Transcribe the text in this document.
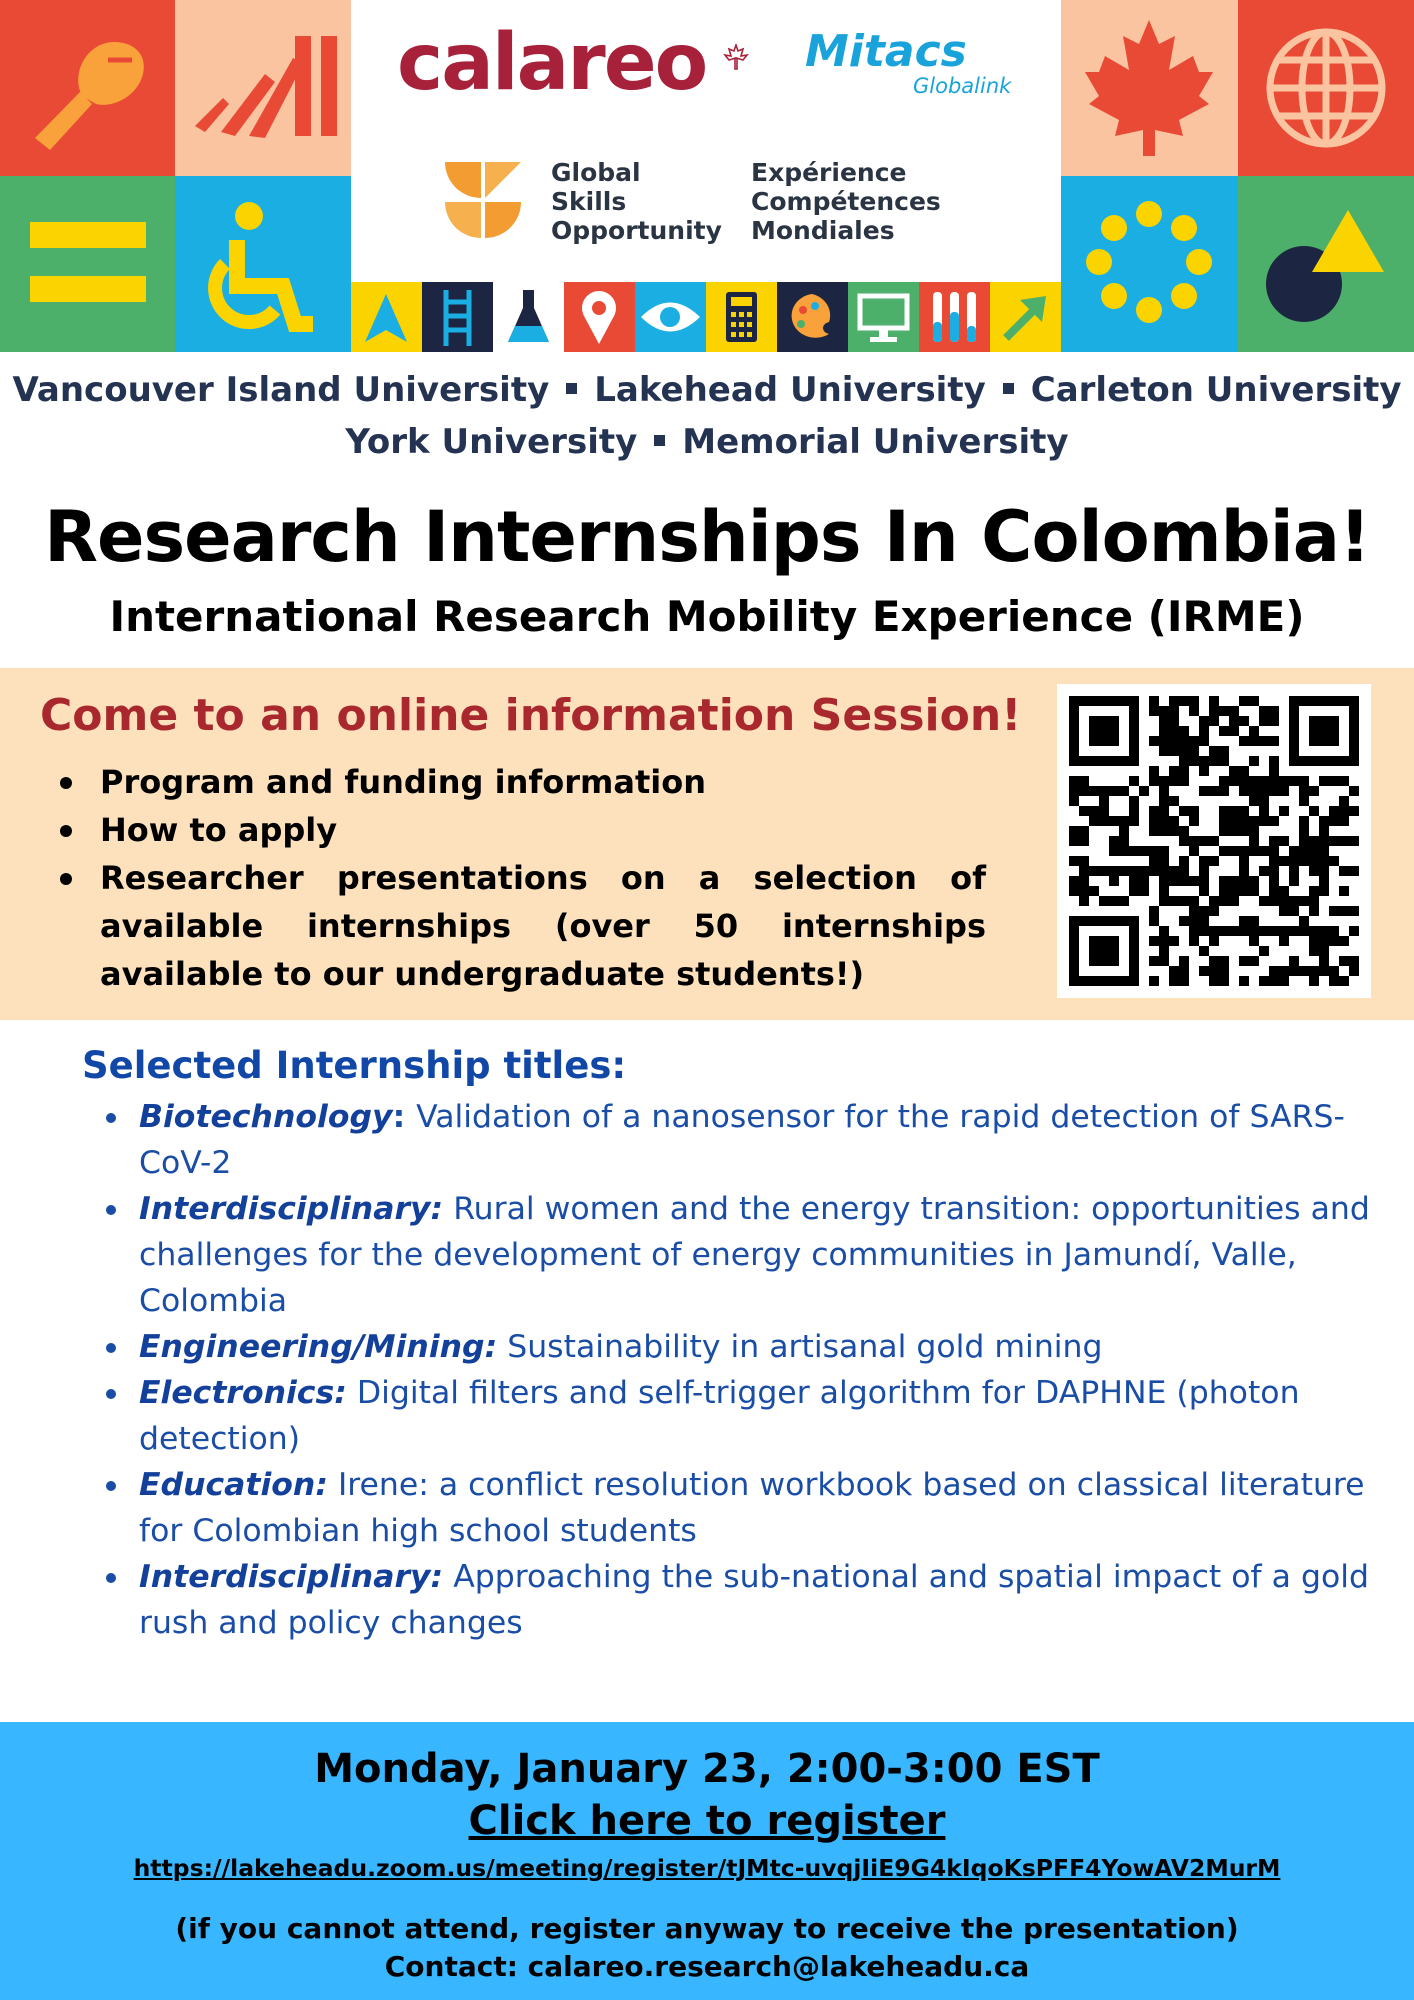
calareo Mitacs
Globalink
Global
Skills
Opportunity
Expérience
Compétences
Mondiales
Vancouver Island University Lakehead University Carleton University
York University Memorial University
Research Internships In Colombia!
International Research Mobility Experience (IRME)
Come to an online information Session!
Program and funding information
How to apply
Researcher presentations on a selection of available internships (over 50 internships available to our undergraduate students!)
Selected Internship titles:
Biotechnology: Validation of a nanosensor for the rapid detection of SARS-CoV-2
Interdisciplinary: Rural women and the energy transition: opportunities and challenges for the development of energy communities in Jamundí, Valle, Colombia
Engineering/Mining: Sustainability in artisanal gold mining
Electronics: Digital filters and self-trigger algorithm for DAPHNE (photon detection)
Education: Irene: a conflict resolution workbook based on classical literature for Colombian high school students
Interdisciplinary: Approaching the sub-national and spatial impact of a gold rush and policy changes
Monday, January 23, 2:00-3:00 EST
Click here to register
https://lakeheadu.zoom.us/meeting/register/tJMtc-uvqjIiE9G4kIqoKsPFF4YowAV2MurM
(if you cannot attend, register anyway to receive the presentation)
Contact: calareo.research@lakeheadu.ca
